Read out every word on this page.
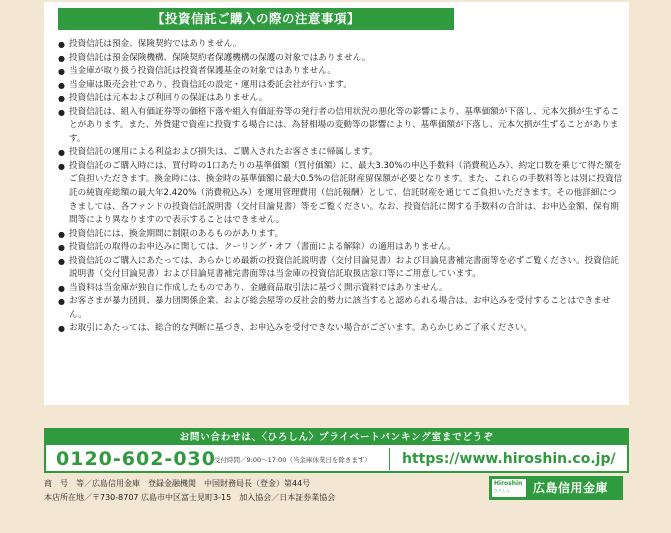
【投資信託ご購入の際の注意事項】
● 投資信託は預金、保険契約ではありません。
● 投資信託は預金保険機構、保険契約者保護機構の保護の対象ではありません。
● 当金庫が取り扱う投資信託は投資者保護基金の対象ではありません。
● 当金庫は販売会社であり、投資信託の設定・運用は委託会社が行います。
● 投資信託は元本および利回りの保証はありません。
● 投資信託は、組入有価証券等の価格下落や組入有価証券等の発行者の信用状況の悪化等の影響により、基準価額が下落し、元本欠損が生ずることがあります。また、外貨建で資産に投資する場合には、為替相場の変動等の影響により、基準価額が下落し、元本欠損が生ずることがあります。
● 投資信託の運用による利益および損失は、ご購入されたお客さまに帰属します。
● 投資信託のご購入時には、買付時の1口あたりの基準価額（買付価額）に、最大3.30%の申込手数料（消費税込み）、約定口数を乗じて得た額をご負担いただきます。換金時には、換金時の基準価額に最大0.5%の信託財産留保額が必要となります。また、これらの手数料等とは別に投資信託の純資産総額の最大年2.420%（消費税込み）を運用管理費用（信託報酬）として、信託財産を通じてご負担いただきます。その他詳細につきましては、各ファンドの投資信託説明書（交付目論見書）等をご覧ください。なお、投資信託に関する手数料の合計は、お申込金額、保有期間等により異なりますので表示することはできません。
● 投資信託には、換金期間に制限のあるものがあります。
● 投資信託の取得のお申込みに関しては、クーリング・オフ（書面による解除）の適用はありません。
● 投資信託のご購入にあたっては、あらかじめ最新の投資信託説明書（交付目論見書）および目論見書補完書面等を必ずご覧ください。投資信託説明書（交付目論見書）および目論見書補完書面等は当金庫の投資信託取扱店窓口等にご用意しています。
● 当資料は当金庫が独自に作成したものであり、金融商品取引法に基づく開示資料ではありません。
● お客さまが暴力団員、暴力団関係企業、および総会屋等の反社会的勢力に該当すると認められる場合は、お申込みを受付することはできません。
● お取引にあたっては、総合的な判断に基づき、お申込みを受付できない場合がございます。あらかじめご了承ください。
お問い合わせは、〈ひろしん〉プライベートバンキング室までどうぞ
0120-602-030
受付時間／9:00〜17:00（当金庫休業日を除きます） https://www.hiroshin.co.jp/
商　号　等／広島信用金庫　登録金融機関　中国財務局長（登金）第44号
本店所在地／〒730-8707 広島市中区富士見町3-15　加入協会／日本証券業協会
Hiroshin
ひろしん 広島信用金庫
